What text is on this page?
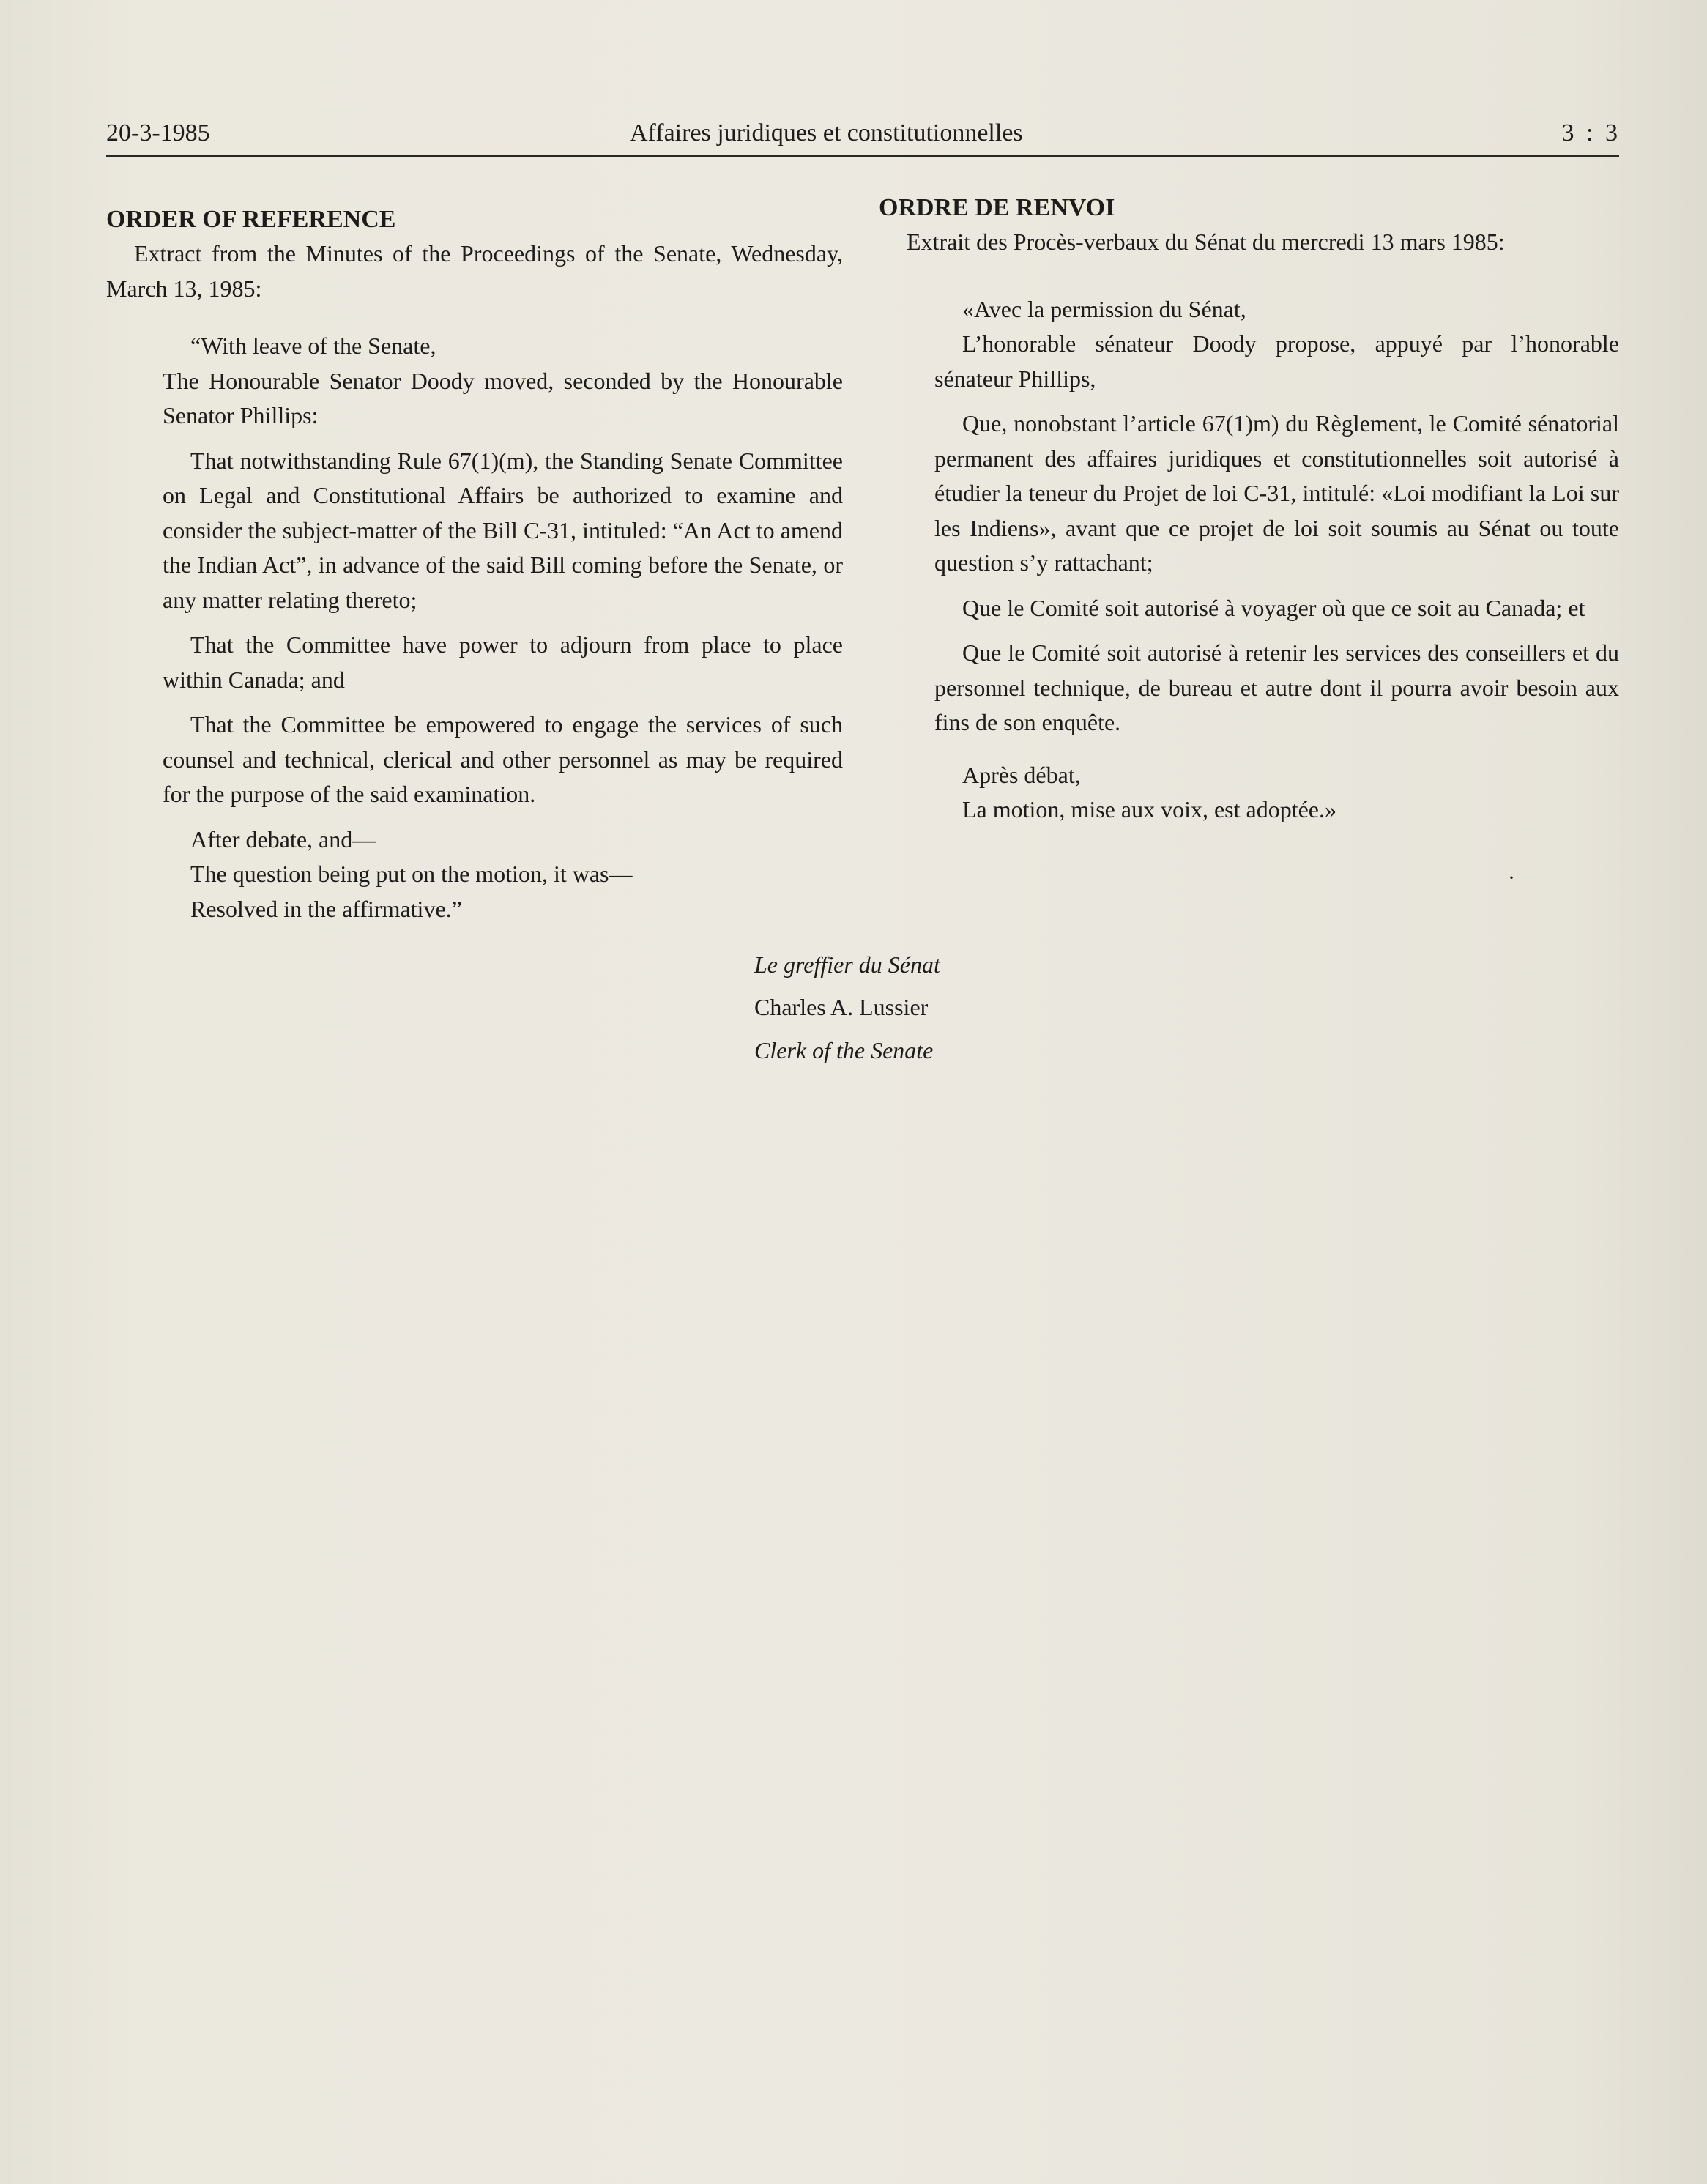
20-3-1985	Affaires juridiques et constitutionnelles	3 : 3

ORDER OF REFERENCE

Extract from the Minutes of the Proceedings of the Senate, Wednesday, March 13, 1985:

“With leave of the Senate,

The Honourable Senator Doody moved, seconded by the Honourable Senator Phillips:

That notwithstanding Rule 67(1)(m), the Standing Senate Committee on Legal and Constitutional Affairs be authorized to examine and consider the subject-matter of the Bill C-31, intituled: “An Act to amend the Indian Act”, in advance of the said Bill coming before the Senate, or any matter relating thereto;

That the Committee have power to adjourn from place to place within Canada; and

That the Committee be empowered to engage the services of such counsel and technical, clerical and other personnel as may be required for the purpose of the said examination.

After debate, and—

The question being put on the motion, it was—

Resolved in the affirmative.”

ORDRE DE RENVOI

Extrait des Procès-verbaux du Sénat du mercredi 13 mars 1985:

«Avec la permission du Sénat,

L’honorable sénateur Doody propose, appuyé par l’honorable sénateur Phillips,

Que, nonobstant l’article 67(1)m) du Règlement, le Comité sénatorial permanent des affaires juridiques et constitutionnelles soit autorisé à étudier la teneur du Projet de loi C-31, intitulé: «Loi modifiant la Loi sur les Indiens», avant que ce projet de loi soit soumis au Sénat ou toute question s’y rattachant;

Que le Comité soit autorisé à voyager où que ce soit au Canada; et

Que le Comité soit autorisé à retenir les services des conseillers et du personnel technique, de bureau et autre dont il pourra avoir besoin aux fins de son enquête.

Après débat,

La motion, mise aux voix, est adoptée.»

·
Le greffier du Sénat
Charles A. Lussier
Clerk of the Senate
